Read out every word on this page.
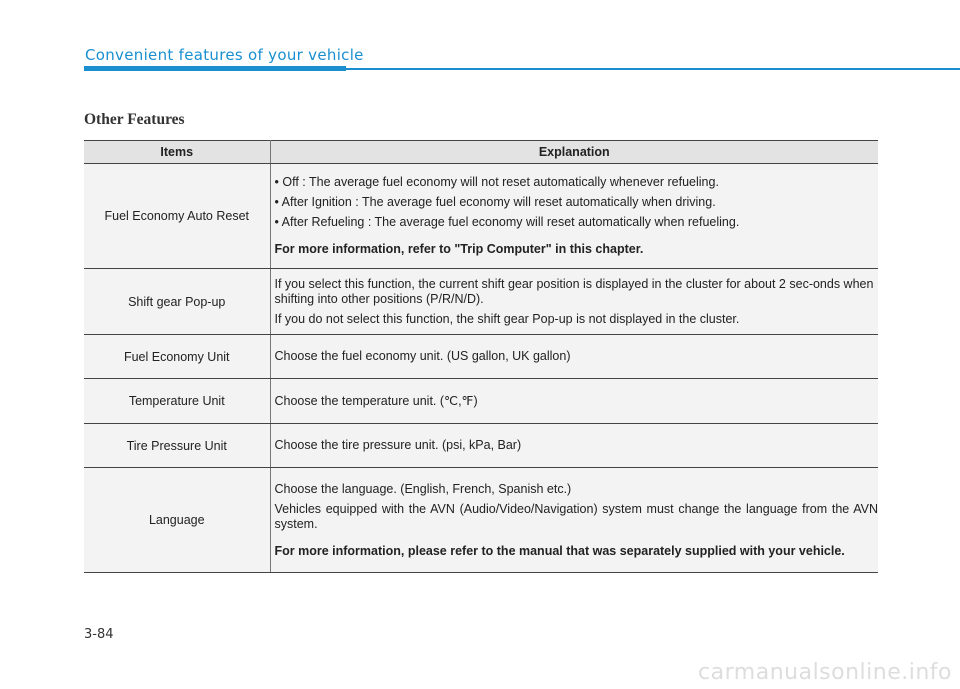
Convenient features of your vehicle
Other Features
Items	Explanation
Fuel Economy Auto Reset	• Off : The average fuel economy will not reset automatically whenever refueling.

• After Ignition : The average fuel economy will reset automatically when driving.

• After Refueling : The average fuel economy will reset automatically when refueling.

For more information, refer to "Trip Computer" in this chapter.

Shift gear Pop-up	If you select this function, the current shift gear position is displayed in the cluster for about 2 sec-onds when shifting into other positions (P/R/N/D).

If you do not select this function, the shift gear Pop-up is not displayed in the cluster.

Fuel Economy Unit	Choose the fuel economy unit. (US gallon, UK gallon)

Temperature Unit	Choose the temperature unit. (℃,℉)

Tire Pressure Unit	Choose the tire pressure unit. (psi, kPa, Bar)

Language	Choose the language. (English, French, Spanish etc.)

Vehicles equipped with the AVN (Audio/Video/Navigation) system must change the language from the AVN system.

For more information, please refer to the manual that was separately supplied with your vehicle.

3-84
carmanualsonline.info
